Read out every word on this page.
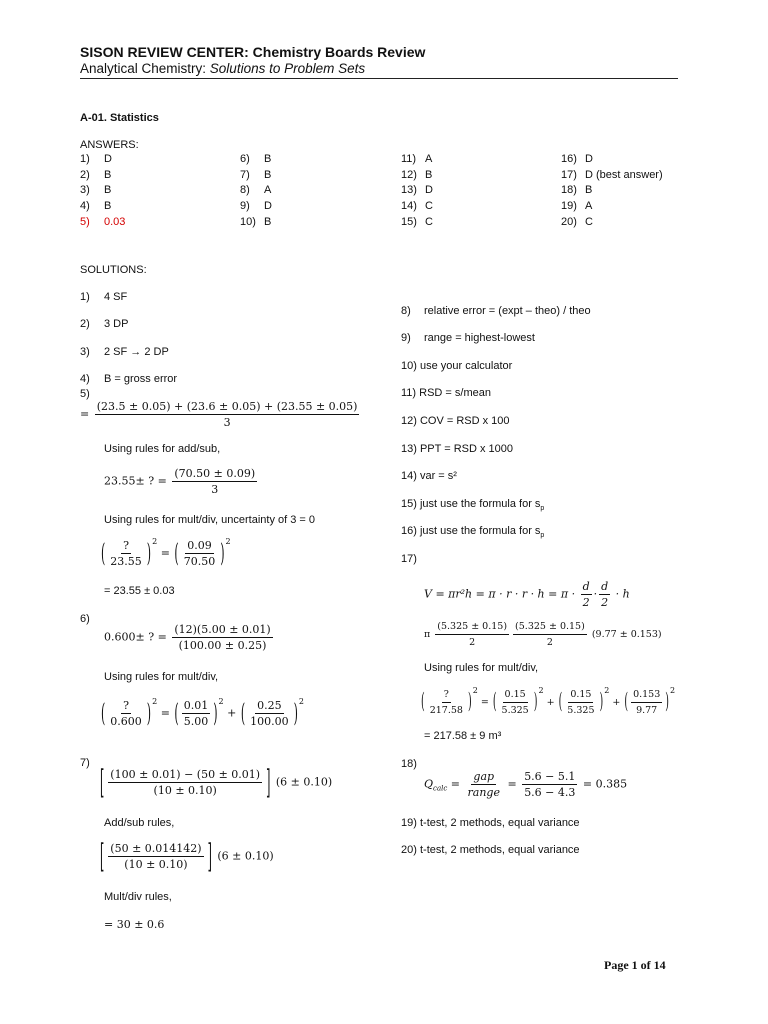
SISON REVIEW CENTER: Chemistry Boards Review
Analytical Chemistry: Solutions to Problem Sets
A-01. Statistics
ANSWERS:
1) D
2) B
3) B
4) B
5) 0.03
6) B
7) B
8) A
9) D
10) B
11) A
12) B
13) D
14) C
15) C
16) D
17) D (best answer)
18) B
19) A
20) C
SOLUTIONS:
1) 4 SF
2) 3 DP
3) 2 SF → 2 DP
4) B = gross error
5)
= $\frac{(23.5 \pm 0.05) + (23.6 \pm 0.05) + (23.55 \pm 0.05)}{3}$
Using rules for add/sub,
23.55± ? = $\frac{(70.50 \pm 0.09)}{3}$
Using rules for mult/div, uncertainty of 3 = 0
( $\frac{?}{23.55} )^2$ = ( $\frac{0.09}{70.50} )^2$
= 23.55 ± 0.03
6)
0.600± ? = $\frac{(12)(5.00 \pm 0.01)}{(100.00 \pm 0.25)}$
Using rules for mult/div,
( $\frac{?}{0.600} )^2$ = ( $\frac{0.01}{5.00} )^2$ + ( $\frac{0.25}{100.00} )^2$
7) [ $\frac{(100 \pm 0.01) - (50 \pm 0.01)}{(10 \pm 0.10)}$ ] (6 ± 0.10)
Add/sub rules,
[ $\frac{(50 \pm 0.014142)}{(10 \pm 0.10)}$ ] (6 ± 0.10)
Mult/div rules,
= 30 ± 0.6
8) relative error = (expt – theo) / theo
9) range = highest-lowest
10) use your calculator
11) RSD = s/mean
12) COV = RSD x 100
13) PPT = RSD x 1000
14) var = s²
15) just use the formula for $s_p$
16) just use the formula for $s_p$
17)
$V = \pi r^2h = \pi \cdot r \cdot r \cdot h = \pi \cdot \frac{d}{2} \cdot \frac{d}{2} \cdot h$
π $\frac{(5.325 \pm 0.15)}{2} \frac{(5.325 \pm 0.15)}{2} (9.77 \pm 0.153)$
Using rules for mult/div,
( $\frac{?}{217.58} )^2$ = ( $\frac{0.15}{5.325} )^2$ + ( $\frac{0.15}{5.325} )^2$ + ( $\frac{0.153}{9.77} )^2$
= 217.58 ± 9 m³
18)
$Q_{calc} = \frac{\text{gap}}{\text{range}} = \frac{5.6 - 5.1}{5.6 - 4.3} = 0.385$
19) t-test, 2 methods, equal variance
20) t-test, 2 methods, equal variance
Page 1 of 14
